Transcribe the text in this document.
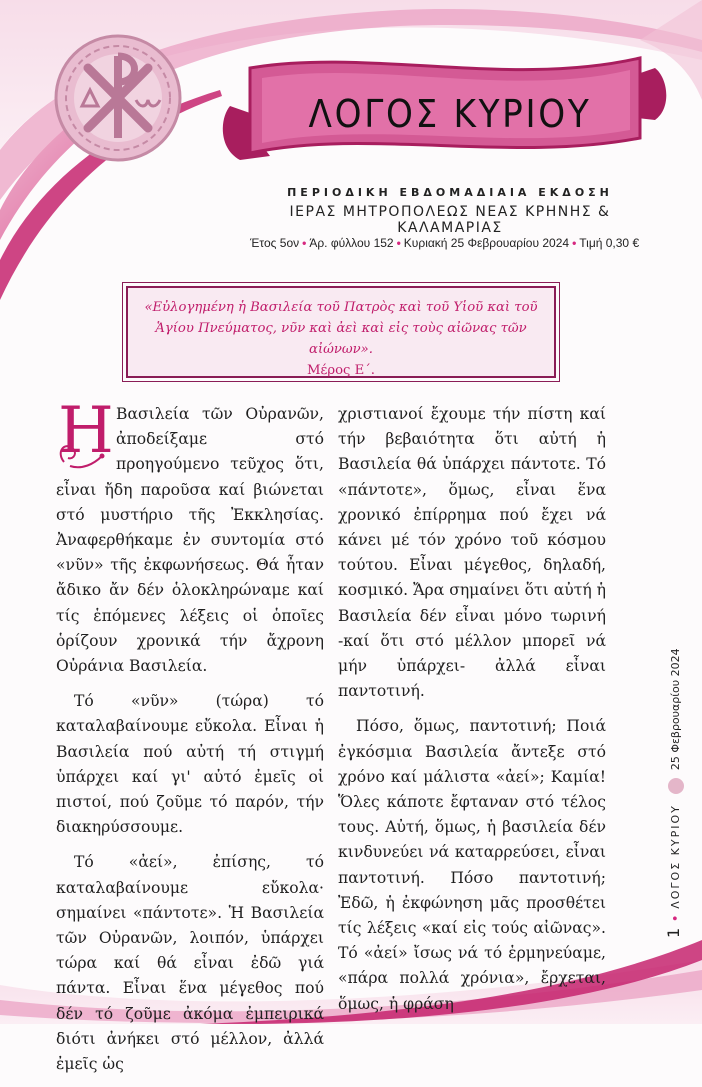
ΛΟΓΟΣ ΚΥΡΙΟΥ
ΠΕΡΙΟΔΙΚΗ ΕΒΔΟΜΑΔΙΑΙΑ ΕΚΔΟΣΗ
ΙΕΡΑΣ ΜΗΤΡΟΠΟΛΕΩΣ ΝΕΑΣ ΚΡΗΝΗΣ & ΚΑΛΑΜΑΡΙΑΣ
Έτος 5ον • Άρ. φύλλου 152 • Κυριακή 25 Φεβρουαρίου 2024 • Τιμή 0,30 €
«Εὐλογημένη ἡ Βασιλεία τοῦ Πατρὸς καὶ τοῦ Υἱοῦ καὶ τοῦ Ἁγίου Πνεύματος, νῦν καὶ ἀεὶ καὶ εἰς τοὺς αἰῶνας τῶν αἰώνων».
Μέρος Ε΄.

Η Βασιλεία τῶν Οὐρανῶν, ἀποδείξαμε στό προηγούμενο τεῦχος ὅτι, εἶναι ἤδη παροῦσα καί βιώνεται στό μυστήριο τῆς Ἐκκλησίας. Ἀναφερθήκαμε ἐν συντομία στό «νῦν» τῆς ἐκφωνήσεως. Θά ἦταν ἄδικο ἄν δέν ὁλοκληρώναμε καί τίς ἑπόμενες λέξεις οἱ ὁποῖες ὁρίζουν χρονικά τήν ἄχρονη Οὐράνια Βασιλεία.

Τό «νῦν» (τώρα) τό καταλαβαίνουμε εὔκολα. Εἶναι ἡ Βασιλεία πού αὐτή τή στιγμή ὑπάρχει καί γι' αὐτό ἐμεῖς οἱ πιστοί, πού ζοῦμε τό παρόν, τήν διακηρύσσουμε.

Τό «ἀεί», ἐπίσης, τό καταλαβαίνουμε εὔκολα· σημαίνει «πάντοτε». Ἡ Βασιλεία τῶν Οὐρανῶν, λοιπόν, ὑπάρχει τώρα καί θά εἶναι ἐδῶ γιά πάντα. Εἶναι ἕνα μέγεθος πού δέν τό ζοῦμε ἀκόμα ἐμπειρικά διότι ἀνήκει στό μέλλον, ἀλλά ἐμεῖς ὡς

χριστιανοί ἔχουμε τήν πίστη καί τήν βεβαιότητα ὅτι αὐτή ἡ Βασιλεία θά ὑπάρχει πάντοτε. Τό «πάντοτε», ὅμως, εἶναι ἕνα χρονικό ἐπίρρημα πού ἔχει νά κάνει μέ τόν χρόνο τοῦ κόσμου τούτου. Εἶναι μέγεθος, δηλαδή, κοσμικό. Ἄρα σημαίνει ὅτι αὐτή ἡ Βασιλεία δέν εἶναι μόνο τωρινή -καί ὅτι στό μέλλον μπορεῖ νά μήν ὑπάρχει- ἀλλά εἶναι παντοτινή.

Πόσο, ὅμως, παντοτινή; Ποιά ἐγκόσμια Βασιλεία ἄντεξε στό χρόνο καί μάλιστα «ἀεί»; Καμία! Ὅλες κάποτε ἔφταναν στό τέλος τους. Αὐτή, ὅμως, ἡ βασιλεία δέν κινδυνεύει νά καταρρεύσει, εἶναι παντοτινή. Πόσο παντοτινή; Ἐδῶ, ἡ ἐκφώνηση μᾶς προσθέτει τίς λέξεις «καί εἰς τούς αἰῶνας». Τό «ἀεί» ἴσως νά τό ἑρμηνεύαμε, «πάρα πολλά χρόνια», ἔρχεται, ὅμως, ἡ φράση

1•ΛΟΓΟΣ ΚΥΡΙΟΥ25 Φεβρουαρίου 2024
